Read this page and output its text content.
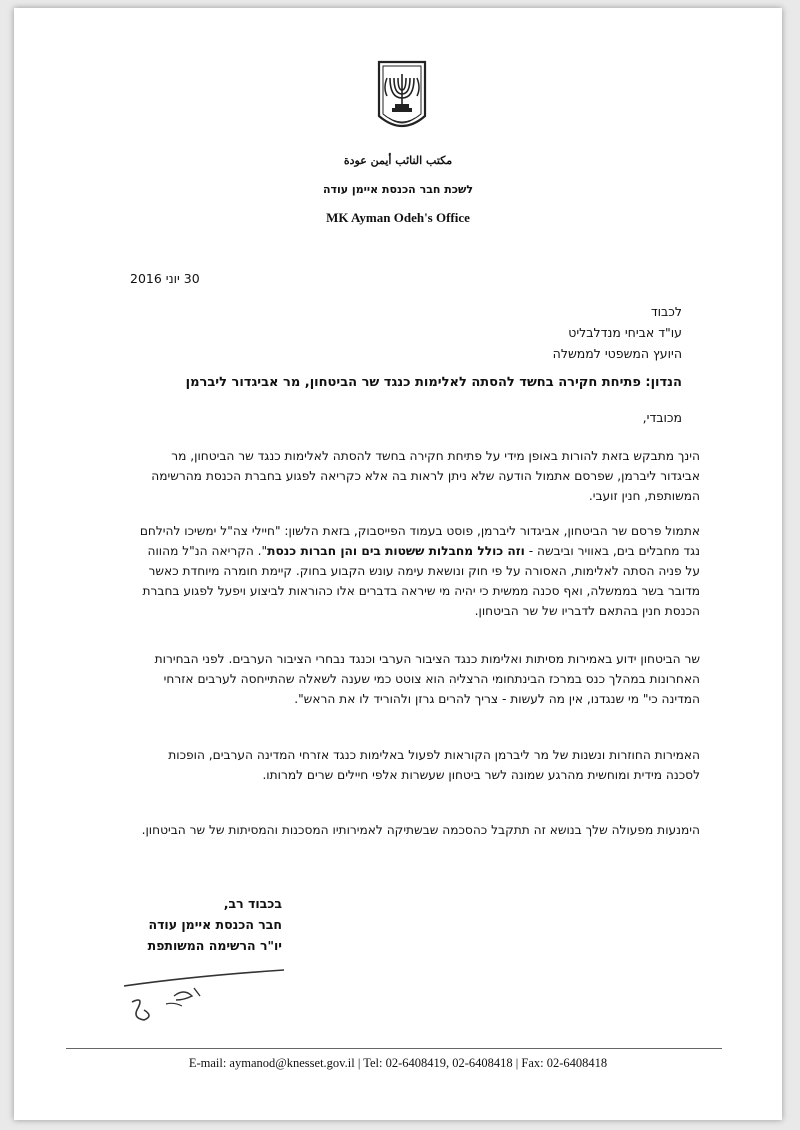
مكتب النائب أيمن عودة
לשכת חבר הכנסת איימן עודה
MK Ayman Odeh's Office
30 יוני 2016
לכבוד
עו"ד אביחי מנדלבליט
היועץ המשפטי לממשלה
הנדון: פתיחת חקירה בחשד להסתה לאלימות כנגד שר הביטחון, מר אביגדור ליברמן
מכובדי,

הינך מתבקש בזאת להורות באופן מידי על פתיחת חקירה בחשד להסתה לאלימות כנגד שר הביטחון, מר אביגדור ליברמן, שפרסם אתמול הודעה שלא ניתן לראות בה אלא כקריאה לפגוע בחברת הכנסת מהרשימה המשותפת, חנין זועבי.

אתמול פרסם שר הביטחון, אביגדור ליברמן, פוסט בעמוד הפייסבוק, בזאת הלשון: "חיילי צה"ל ימשיכו להילחם נגד מחבלים בים, באוויר וביבשה - וזה כולל מחבלות ששטות בים והן חברות כנסת". הקריאה הנ"ל מהווה על פניה הסתה לאלימות, האסורה על פי חוק ונושאת עימה עונש הקבוע בחוק. קיימת חומרה מיוחדת כאשר מדובר בשר בממשלה, ואף סכנה ממשית כי יהיה מי שיראה בדברים אלו כהוראות לביצוע ויפעל לפגוע בחברת הכנסת חנין בהתאם לדבריו של שר הביטחון.

שר הביטחון ידוע באמירות מסיתות ואלימות כנגד הציבור הערבי וכנגד נבחרי הציבור הערבים. לפני הבחירות האחרונות במהלך כנס במרכז הבינתחומי הרצליה הוא צוטט כמי שענה לשאלה שהתייחסה לערבים אזרחי המדינה כי" מי שנגדנו, אין מה לעשות - צריך להרים גרזן ולהוריד לו את הראש".

האמירות החוזרות ונשנות של מר ליברמן הקוראות לפעול באלימות כנגד אזרחי המדינה הערבים, הופכות לסכנה מידית ומוחשית מהרגע שמונה לשר ביטחון שעשרות אלפי חיילים שרים למרותו.

הימנעות מפעולה שלך בנושא זה תתקבל כהסכמה שבשתיקה לאמירותיו המסכנות והמסיתות של שר הביטחון.

בכבוד רב,
חבר הכנסת איימן עודה
יו"ר הרשימה המשותפת
E-mail: aymanod@knesset.gov.il | Tel: 02-6408419, 02-6408418 | Fax: 02-6408418
